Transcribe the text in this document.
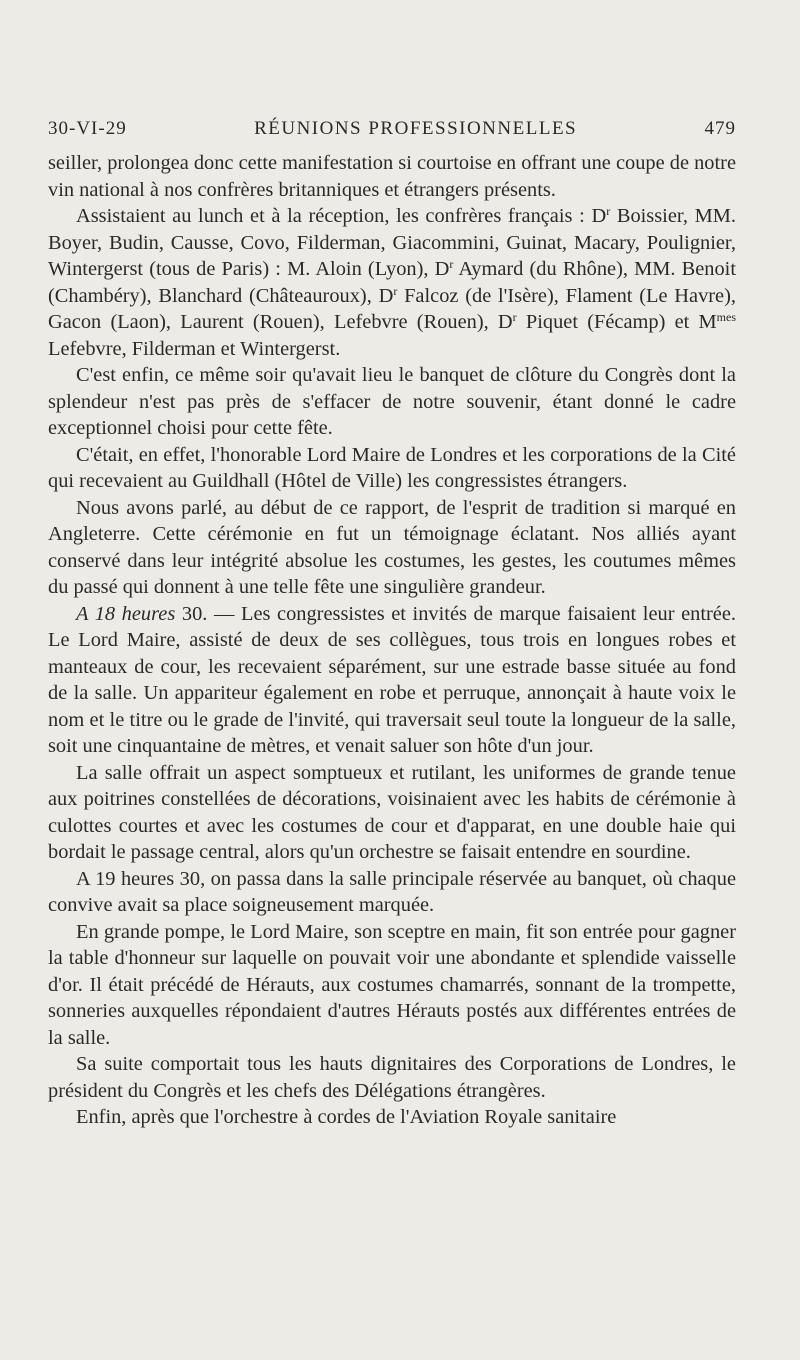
30-VI-29	RÉUNIONS PROFESSIONNELLES	479

seiller, prolongea donc cette manifestation si courtoise en offrant une coupe de notre vin national à nos confrères britanniques et étrangers présents.

Assistaient au lunch et à la réception, les confrères français : $D^r$ Boissier, MM. Boyer, Budin, Causse, Covo, Filderman, Giacommini, Guinat, Macary, Poulignier, Wintergerst (tous de Paris) : M. Aloin (Lyon), $D^r$ Aymard (du Rhône), MM. Benoit (Chambéry), Blanchard (Châteauroux), $D^r$ Falcoz (de l'Isère), Flament (Le Havre), Gacon (Laon), Laurent (Rouen), Lefebvre (Rouen), $D^r$ Piquet (Fécamp) et $M^{mes}$ Lefebvre, Filderman et Wintergerst.

C'est enfin, ce même soir qu'avait lieu le banquet de clôture du Congrès dont la splendeur n'est pas près de s'effacer de notre souvenir, étant donné le cadre exceptionnel choisi pour cette fête.

C'était, en effet, l'honorable Lord Maire de Londres et les corporations de la Cité qui recevaient au Guildhall (Hôtel de Ville) les congressistes étrangers.

Nous avons parlé, au début de ce rapport, de l'esprit de tradition si marqué en Angleterre. Cette cérémonie en fut un témoignage éclatant. Nos alliés ayant conservé dans leur intégrité absolue les costumes, les gestes, les coutumes mêmes du passé qui donnent à une telle fête une singulière grandeur.

A 18 heures 30. — Les congressistes et invités de marque faisaient leur entrée. Le Lord Maire, assisté de deux de ses collègues, tous trois en longues robes et manteaux de cour, les recevaient séparément, sur une estrade basse située au fond de la salle. Un appariteur également en robe et perruque, annonçait à haute voix le nom et le titre ou le grade de l'invité, qui traversait seul toute la longueur de la salle, soit une cinquantaine de mètres, et venait saluer son hôte d'un jour.

La salle offrait un aspect somptueux et rutilant, les uniformes de grande tenue aux poitrines constellées de décorations, voisinaient avec les habits de cérémonie à culottes courtes et avec les costumes de cour et d'apparat, en une double haie qui bordait le passage central, alors qu'un orchestre se faisait entendre en sourdine.

A 19 heures 30, on passa dans la salle principale réservée au banquet, où chaque convive avait sa place soigneusement marquée.

En grande pompe, le Lord Maire, son sceptre en main, fit son entrée pour gagner la table d'honneur sur laquelle on pouvait voir une abondante et splendide vaisselle d'or. Il était précédé de Hérauts, aux costumes chamarrés, sonnant de la trompette, sonneries auxquelles répondaient d'autres Hérauts postés aux différentes entrées de la salle.

Sa suite comportait tous les hauts dignitaires des Corporations de Londres, le président du Congrès et les chefs des Délégations étrangères.

Enfin, après que l'orchestre à cordes de l'Aviation Royale sanitaire
